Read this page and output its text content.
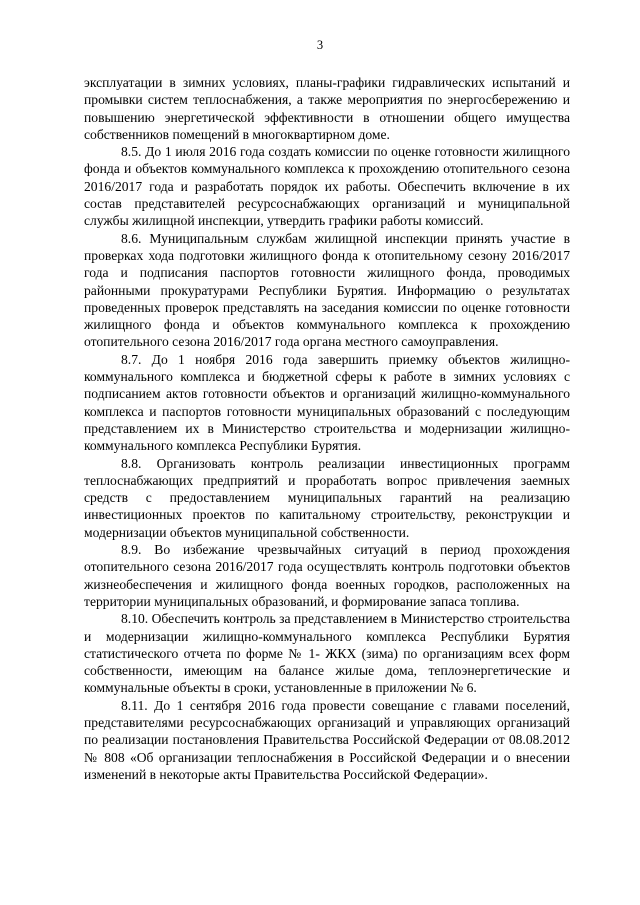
3

эксплуатации в зимних условиях, планы-графики гидравлических испытаний и промывки систем теплоснабжения, а также мероприятия по энергосбережению и повышению энергетической эффективности в отношении общего имущества собственников помещений в многоквартирном доме.

8.5. До 1 июля 2016 года создать комиссии по оценке готовности жилищного фонда и объектов коммунального комплекса к прохождению отопительного сезона 2016/2017 года и разработать порядок их работы. Обеспечить включение в их состав представителей ресурсоснабжающих организаций и муниципальной службы жилищной инспекции, утвердить графики работы комиссий.

8.6. Муниципальным службам жилищной инспекции принять участие в проверках хода подготовки жилищного фонда к отопительному сезону 2016/2017 года и подписания паспортов готовности жилищного фонда, проводимых районными прокуратурами Республики Бурятия. Информацию о результатах проведенных проверок представлять на заседания комиссии по оценке готовности жилищного фонда и объектов коммунального комплекса к прохождению отопительного сезона 2016/2017 года органа местного самоуправления.

8.7. До 1 ноября 2016 года завершить приемку объектов жилищно-коммунального комплекса и бюджетной сферы к работе в зимних условиях с подписанием актов готовности объектов и организаций жилищно-коммунального комплекса и паспортов готовности муниципальных образований с последующим представлением их в Министерство строительства и модернизации жилищно-коммунального комплекса Республики Бурятия.

8.8. Организовать контроль реализации инвестиционных программ теплоснабжающих предприятий и проработать вопрос привлечения заемных средств с предоставлением муниципальных гарантий на реализацию инвестиционных проектов по капитальному строительству, реконструкции и модернизации объектов муниципальной собственности.

8.9. Во избежание чрезвычайных ситуаций в период прохождения отопительного сезона 2016/2017 года осуществлять контроль подготовки объектов жизнеобеспечения и жилищного фонда военных городков, расположенных на территории муниципальных образований, и формирование запаса топлива.

8.10. Обеспечить контроль за представлением в Министерство строительства и модернизации жилищно-коммунального комплекса Республики Бурятия статистического отчета по форме № 1- ЖКХ (зима) по организациям всех форм собственности, имеющим на балансе жилые дома, теплоэнергетические и коммунальные объекты в сроки, установленные в приложении № 6.

8.11. До 1 сентября 2016 года провести совещание с главами поселений, представителями ресурсоснабжающих организаций и управляющих организаций по реализации постановления Правительства Российской Федерации от 08.08.2012 № 808 «Об организации теплоснабжения в Российской Федерации и о внесении изменений в некоторые акты Правительства Российской Федерации».
